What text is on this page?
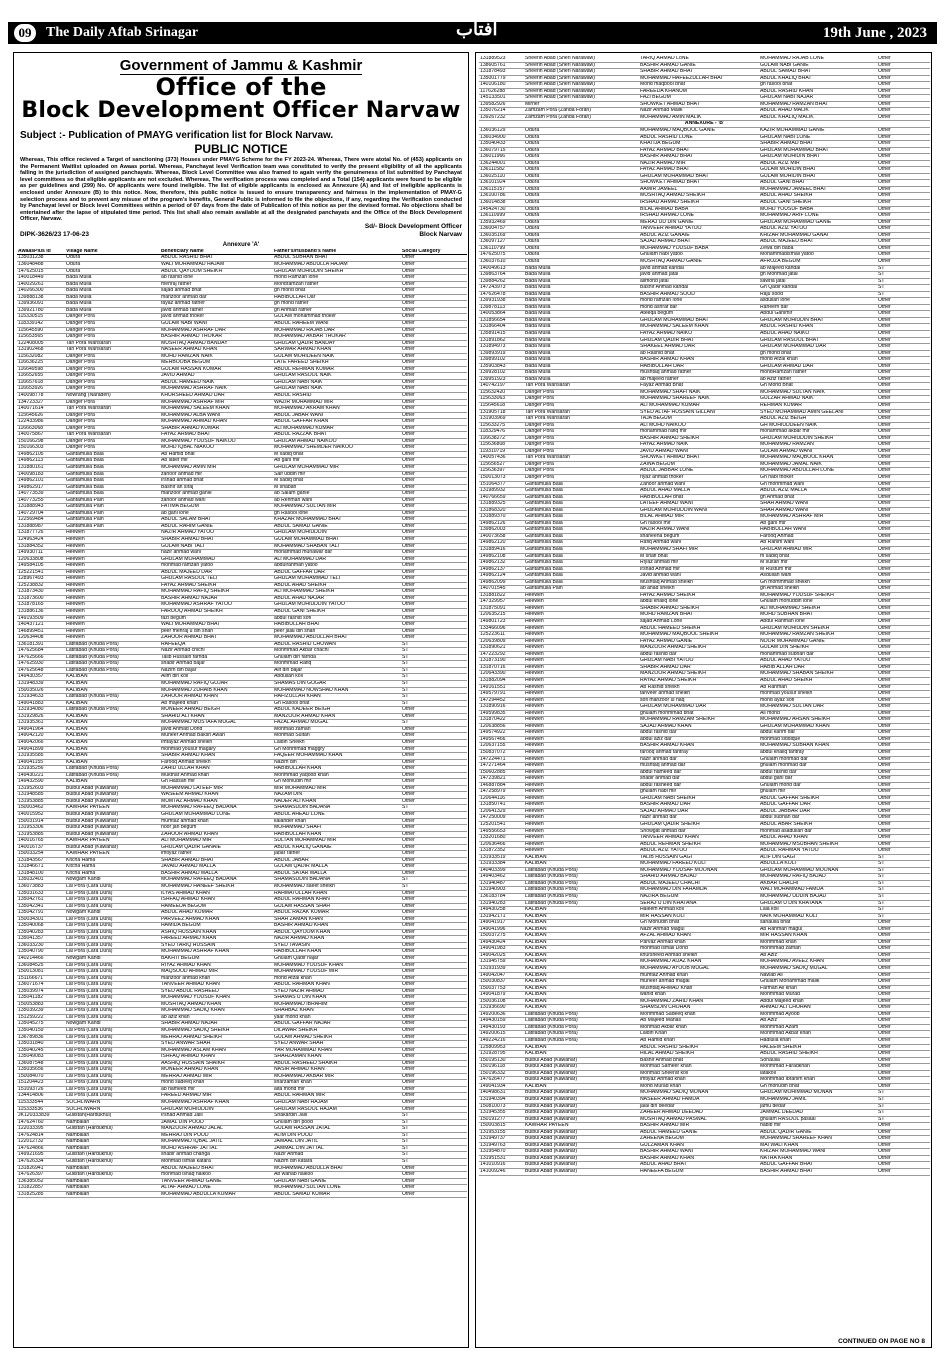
09	The Daily Aftab Srinagar	آفتاب	19th June , 2023
Government of Jammu & Kashmir
Office of the
Block Development Officer Narvaw
Subject :- Publication of PMAYG verification list for Block Narvaw.
PUBLIC NOTICE
Whereas, This office recieved a Target of sanctioning (373) Houses under PMAYG Scheme for the FY 2023-24. Whereas, There were atotal No. of (453) applicants on the Permanent Waitlist uploaded on Awaas portal. Whereas, Panchayat level Verification team was constituted to verify the present eligibility of all the applicants falling in the jurisdiction of assigned panchayats. Whereas, Block Level Committee was also framed to again verify the genuineness of list submitted by Panchayat level committees so that eligible applicants are not excluded. Whereas, The verification process was completed and a Total (154) applicants were found to be eligible as per guidelines and (299) No. Of applicants were found ineligible. The list of eligible applicants is enclosed as Annexure (A) and list of ineligible applicants is enclosed under Annexure (B) to this notice. Now, therefore, this public notice is issued to ensure transparency and fairness in the implementation of PMAY-G selection process and to prevent any misuse of the program's benefits, General Public is informed to file the objections, if any, regarding the Verification conducted by Panchayat level or Block level Committees within a period of 07 days from the date of Publication of this notice as per the devised format. No objections shall be entertained after the lapse of stipulated time period. This list shall also remain available at all the designated panchayats and the Office of the Block Development Officer, Narvaw.
Sd/- Block Development Officer
Block Narvaw
DIPK-3626/23 17-06-23
Annexure 'A'
AwaasPlus Id	Village Name	Beneficiary Name	Father's/Husband's Name	Social Category
135031238	Odura	ABDUL RASHID BHAT	ABDUL SUBHAN BHAT	Other
136048488	Odura	WALI MOHAMMAD HAJAM	MOHAMMAD ABDULLA HAJAM	Other
147625015	Odura	ABDUL QAYOOM SHEIKH	GHULAM MOHIUDIN SHEIKH	Other
140018449	Bada Mulla	ab rashid lone	mohd Ramzan lone	Other
140029261	Bada Mulla	mehraj rather	Mohdramzan rather	Other
140266300	Bada Mulla	sajad ahmad bhat	gh mohd bhat	Other
139888138	Bada Mulla	manzoor ahmad dar	HABIBULLAH Dar	Other
139936091	Bada Mulla	fayaz ahmad rather	gh mohd rather	Other
139921780	Bada Mulla	javid ahmad rather	gh Ahmad rather	Other
115330515	Danger Pora	javid ahmad thoker	GULAM mohammad thoker	Other
118339142	Danger Pora	GULAM NABI WANI	ABDUL RAHEEM WANI	Other
115645590	Danger Pora	MOHAMMAD ASHRAF DAR	MOHAMMAD RAJAB DAR	Other
115653565	Danger Pora	BASHIR AHMAD THOKAR	MOHAMMAD AKBAR THOKAR	Other
122408005	Tari Pora Wansaran	MUSHTAQ AHMAD BANDAY	GHULAM QADIR BANDAY	Other
131902468	Tari Pora Wansaran	NASEER AHMAD KHAN	SARWAR AHMAD KHAN	Other
115632082	Danger Pora	MOHD RAMZAN NAIK	GULAM MOHIDEEN NAIK	Other
116636225	Danger Pora	MEHBOOBA BEGUM	LATE FAREED SHEIKH	Other
116649598	Danger Pora	GULAM HASSAN KUMAR	ABDUL REHMAN KUMAR	Other
116652655	Danger Pora	JAVID AHMAD	GHULAM RASOOL NAIK	Other
116657618	Danger Pora	ABDUL HAMEED NAIK	GHULAM NABI NAIK	Other
116653926	Danger Pora	MOHAMMAD ASHRAF NAIK	GHULAM NABI NAIK	Other
140098778	Nowrang (Naradeh)	KHURSHEED AHMAD DAR	ABDUL RASHID	Other
134723327	Danger Pora	MOHAMMAD ASHRAF MIR	WAZIR MOHAMMAD MIR	Other
140071614	Tari Pora Wansaran	MOHAMMAD SALEEM KHAN	MOHAMMAD AKRAM KHAN	Other
115645626	Danger Pora	MOHAMMAD ALBA WANI	ABDUL JABAR WANI	Other
122433986	Danger Pora	MOHAMMAD AHMAD KHAN	ABDUL GAFFAR KHAN	Other
116663068	Danger Pora	SHABIR AHMAD KUMAR	ALI MOHAMMAD KUMAR	Other
140075867	Tari Pora Wansaran	FAYAZ AHMAD BHAT	ABDUL RAZZAK BHAT	Other
150166298	Danger Pora	MOHAMMAD YOUSUF NAIKOO	GHULAM AHMAD NAIKOO	Other
150166303	Danger Pora	MOHD IQBAL NIAKOO	MOHAMMAD SHEMDER NAIKOO	Other
149862105	Gantamulla Bala	Ab Hamid bhat	M sadiq bhat	Other
149862113	Gantamulla Bala	Ab latief mir	Ab gani mir	Other
131880161	Gantamulla Bala	MOHAMMAD AMIN MIR	GHULAM MOHAMMAD MIR	Other
140098183	Gantamulla Bala	zahoor ahmad mir	Saif uddin mir	Other
149862101	Gantamulla Bala	Irshad ahmad bhat	M sadiq bhat	Other
149862917	Gantamulla Bala	Bashir ah siraj	M shaban	Other
140773539	Gantamulla Bala	manzoor ahmad ganie	ab Salam ganie	Other
140773255	Gantamulla Pain	zahoor ahmad wani	ab Rehman wani	Other
131888943	Gantamulla Pain	FATIMA BEGUM	MOHAMMAD SULTAN MIR	Other
140729704	Gantamulla Pain	ab gani lone	gh Rasool lone	Other
122569484	Gantamulla Pain	ABDUL SALAM BHAT	KHAZAR MOHAMMAD BHAT	Other
131888987	Gantamulla Pain	ABDUL RAHIM GANIE	ABDUL SAMAD GANIE	Other
131877726	Heewen	NAZIR AHMAD YATOO	GHULAM MOHIUDDIN	Other
124963424	Heewen	SHABIR AHMAD BHAT	GULAM MOHAMMAD BHAT	Other
131884352	Heewen	GULAM NABI TALI	MOHAMMAD SHABAN TALI	Other
149930711	Heewen	nazir ahmad wani	mohammad munawar dar	Other
120633808	Heewen	GHULAM MOHAMMAD	ALI MOHAMMAD DAR	Other
149584105	Heewen	mohmad ramzan yatoo	abdulrahman yatoo	Other
125221541	Heewen	ABDUL MAJEED DAR	ABDUL GAFFAR DAR	Other
128967493	Heewen	GHULAM RASOOL TELI	GHULAM MOHAMMAD TELI	Other
125238832	Heewen	FAYAZ AHMAD SHEIKH	ABDUL AHAD SHEIKH	Other
131873430	Heewen	MOHAMMAD RAFIQ SHEIKH	ALI MOHAMMAD SHEIKH	Other
131873600	Heewen	BASHIR AHMAD NAJAR	ABDUL AHAD NAJAR	Other
131878165	Heewen	MOHAMMAD ASHRAF YATOO	GHULAM MOHIUDDIN YATOO	Other
131886136	Heewen	FAROOQ AHMAD SHEIKH	ABDUL GANI SHEIKH	Other
149193509	Heewen	fazl begum	abdul rashid sofi	Other
140437121	Heewen	WALI MOHAMMAD BHAT	HABIBULLAH BHAT	Other
146899451	Heewen	peer mehraj u din shah	peer jalal din shah	Other
120634408	Heewen	ZAHOOR AHMAD BHAT	MOHAMMAD ABDULLAH BHAT	Other
136181391	Latifabad (Khuda Pora)	RAFEEQA	ABDUL RASHID CHOWAN	ST
147625684	Latifabad (Khuda Pora)	Nazir Ahmad chichi	Mohmmad Akbar chachi	ST
147625666	Latifabad (Khuda Pora)	Talib Hussain farnda	Ghulam din farnda	ST
147625930	Latifabad (Khuda Pora)	shabir Ahmad bajar	Mohmmad Rafiq	ST
147625648	Latifabad (Khuda Pora)	Nazim din bajar	Alif din bajar	ST
149430357	KALIBAN	Alim din koli	Abdullah koli	ST
131948339	KALIBAN	MOHAMMAD RAFIQ GOJAR	SHAMAS DIN GOGAR	ST
150035026	KALIBAN	MOHAMMAD ZUHAIB KHAN	MOHAMMAD NOWSHAD KHAN	ST
131934633	Latifabad (Khuda Pora)	ZAHOOR AHMAD KHAN	HAFIZULLAH KHAN	ST
149041883	KALIBAN	Ab majeed khan	Gh Rasool bhat	ST
131934080	Latifabad (Khuda Pora)	MUNEER AHMAD BEIGH	ABDUL KADEER BEIGH	Other
131929826	KALIBAN	SHAHID ALI KHAN	MANZOOR AHMAD KHAN	Other
131935361	KALIBAN	MOHAMMAD MUSTAFA MUGAL	FAZAL AHMAD MUGAL	ST
149041964	KALIBAN	javid Ahmad Dond	Mohmad zaman	Other
149042120	KALIBAN	Muneer Ahmad Baksh Awan	Mohmad Sultan	Other
149042066	KALIBAN	Imtayaz Ahmad sheikh	Laldin Sheikh	Other
149041899	KALIBAN	mohmad yousuf magary	Gh Mohmmad maggry	Other
131935585	KALIBAN	SHABIR AHMAD KHAN	FAQEER MOHAMMAD KHAN	Other
149041155	KALIBAN	Farooq Ahmad sheikh	Nazim din	Other
131935256	Latifabad (Khuda Pora)	ZAHID ULLAH KHAN	HABIBULLAH KHAN	Other
149430221	Latifabad (Khuda Pora)	Mukthar Ahmad khan	Mohmmad yaqoob khan	Other
149432590	KALIBAN	Gh Hassan mir	Gh Mohiudin mir	Other
131952603	Bulbul Abad (Kawahar)	MOHAMMAD LATEEF MIR	MIR MOHAMMAD MIR	Other
131948585	Bulbul Abad (Kawahar)	WASEEM AHMAD KHAN	NAZAM DIN	Other
131953885	Bulbul Abad (Kawahar)	MUMTAZ AHMAD KHAN	NADER ALI KHAN	Other
150003462	KAWHAR PAYEEN	MOHAMMAD RAFEEQ BADANA	SHAMASUDIN BADANA	ST
140015952	Bulbul Abad (Kawahar)	GHULAM MOHAMMAD LONE	ABDUL AHEAD LONE	Other
150031914	Bulbul Abad (Kawahar)	mumtaz ahmad khan	kalander khan	Other
131953306	Bulbul Abad (Kawahar)	noor jan begum	MOHAMMAD SHAFI	Other
131953885	Bulbul Abad (Kawahar)	ZAHOOR AHMAD KHAN	HABIBULLAH KHAN	Other
140016765	KAWHAR PAYEEN	ALI MOHAMMAD MIR	SULTAN MOHAMMAD MIR	Other
140016737	Bulbul Abad (Kawahar)	GHULAM QADIR GANAIE	ABDUL KHALIQ GANAIE	Other
150033254	KAWHAR PAYEEN	imtiyaz rather	jabar rather	Other
131843567	Kitcha Hama	SHABIR AHMAD BHAT	ABDUL JABAR	Other
131846671	Kitcha Hama	JAVAID AHMAD MALLA	GULAM QADIR MALLA	Other
131848100	Kitcha Hama	BASHIR AHMAD MALLA	ABDUL SATAR MALLA	Other
135032401	Nowgam Kandi	MOHAMMAD RAFEEQ BADANA	SHAMASUDIN BADANA	ST
136073883	Lal Pora (Lara Dura)	MOHAMMAD HANEEF SHEIKH	MOHAMMAD saeef sheikh	ST
135031633	Lal Pora (Lara Dura)	ILYAS AHMAD KHAN	RAHMATULLAH KHAN	Other
135042761	Lal Pora (Lara Dura)	ISHFAQ AHMAD KHAN	ABDUL RAHMAN KHAN	Other
135042341	Lal Pora (Lara Dura)	HAMEEDA BEGUM	GULAM HASSAN SHAH	Other
135042791	Nowgam Kandi	ABDUL AHAD KUMAR	ABDUL RAZAK KUMAR	Other
150034301	Lal Pora (Lara Dura)	PARVEEZ AHMAD KHAN	SHAH ZAMAN KHAN	Other
135040068	Lal Pora (Lara Dura)	HAMIDA BEGUM	BASHIR AHMAD KHAN	Other
135040283	Lal Pora (Lara Dura)	ASHIQ HUSSAIN KHAN	ABDUL QAYOOM KHAN	Other
135041357	Lal Pora (Lara Dura)	FAREED AHMAD KHAN	NAZIR AHMAD KHAN	Other
136033230	Lal Pora (Lara Dura)	SYED TARIQ HUSSAIN	SYED TAVASIN	Other
135040790	Lal Pora (Lara Dura)	MOHAMMAD ASHRAF KHAN	HABIBULLAH KHAN	Other
140214466	Nowgam Kandi	BAKHTI BEGUM	Ghulam Qadir najar	Other
136084525	Lal Pora (Lara Dura)	RIYAZ AHMAD KHAN	MOHAMMAD YOUSUF KHAN	Other
150013081	Lal Pora (Lara Dura)	MAQSOOD AHMAD MIR	MOHAMMAD YOUSUF MIR	Other
151166671	Lal Pora (Lara Dura)	manzoor ahmad khan	mohd Afzal khan	Other
136071674	Lal Pora (Lara Dura)	TANVEER AHMAD KHAN	ABDUL RAHMAN KHAN	Other
135039974	Lal Pora (Lara Dura)	SYED ABDUL RASHEED	SYED NAZIR AHMAD	Other
135041182	Lal Pora (Lara Dura)	MOHAMMAD YOUSUF KHAN	SHAMAS U DIN KHAN	Other
150053883	Lal Pora (Lara Dura)	MUSHTAQ AHMAD KHAN	MOHAMMAD IBRAHIM	Other
135039239	Lal Pora (Lara Dura)	MOHAMMAD SADIQ KHAN	SHAHBAZ KHAN	Other
151259222	Lal Pora (Lara Dura)	ab aziz khan	yaar mohd khan	Other
135045275	Nowgam Kandi	SHABIR AHMAD NAJAR	ABDUL GAFFAR NAJAR	Other
135040159	Lal Pora (Lara Dura)	MOHAMMAD SADIQ SHEIKH	DILAWAR SHEIKH	Other
136789836	Lal Pora (Lara Dura)	MEHRAJ AHMAD SHEIKH	GULAM AHMAD SHEIKH	Other
135031840	Lal Pora (Lara Dura)	SYED ANWAR SHAH	SYED ANWAR SHAH	Other
135040245	Lal Pora (Lara Dura)	MOHAMMAD ASLAM KHAN	YAR MOHAMMAD KHAN	Other
135049083	Lal Pora (Lara Dura)	ISHFAQ AHMAD KHAN	SHAHZAMAN KHAN	Other
136087548	Lal Pora (Lara Dura)	AASHIQ HUSSAIN SHAIKH	ABDUL RASHEED SHAIKH	Other
135035656	Lal Pora (Lara Dura)	MUNEER AHMAD KHAN	NASIR AHMAD KHAN	Other
150084070	Lal Pora (Lara Dura)	MEHRAJ AHMAD MIR	MOHAMMAD AKBAR MIR	Other
151204423	Lal Pora (Lara Dura)	mohd sadeeq khan	sharzaman khan	Other
151093726	Lal Pora (Lara Dura)	ab hameed mir	alta mohd mir	Other
134414806	Lal Pora (Lara Dura)	FAREED AHMAD MIR	ABDUL RAHMAN MIR	Other
115333544	SOCHLIWARN	MOHAMMAD ASHRAF KHAN	GHULAM NABI HAJAM	Other
115333536	SOCHLIWARN	GHULAM MOHIUDDIN	GHULAM RASOOL HAJAM	Other
JK120333839	Gulistan(Hardukhul)	Irshad Ahmad Jalil	Shakardin Jalil	ST
147624760	Nambalan	JAMAL DIN POOD	Ghulam din pood	ST
122033395	Gulistan (Hardukhul)	MANZOOR AHMAD JALAL	GULAM HASSAN JATAL	ST
147624814	Nambalan	MEHRAJ DIN POOD	ALIM DIN POOD	ST
122012732	Nambalan	MOHAMMAD IQBAL JATIL	JAMAAL DIN JATIL	ST
147624866	Nambalan	MOHD ASHRAF JATTAL	JAMMAL DIN JATTAL	ST
149921695	Gulistan (Hardukhul)	shabir ahmad changa	Nazir Ahmad	ST
147626334	Gulistan (Hardukhul)	Mohmad ismail katara	Nazim din katara	ST
131826941	Nambalan	ABDUL MAJEED BHAT	MOHAMMAD ABDULLA BHAT	Other
147626397	Gulistan (Hardukhul)	mohmad ishaq naikoo	Ab wahab naikoo	Other
136385052	Nambalan	TANVEER AHMAD GANIE	GHULAM NABI GANIE	Other
131822857	Nambalan	ALTAF AHMAD LONE	MOHAMMAD SULTAN LONE	Other
131825285	Nambalan	MOHAMMAD ABDULLA KUMAR	ABDUL SAMAD KUMAR	Other
131889523	Sheerin Abad (Sheri Narawaw)	TARIQ AHMAD LoNE	MOHAMMAD RAJAB LONE	Other
138605761	Sheerin Abad (Sheri Narawaw)	BASHIR AHMAD GANIE	GULAM NABI GANIE	Other
131878493	Sheerin Abad (Sheri Narawaw)	SHABIR AHMAD BHAT	ABDUL SAMAD BHAT	Other
135001779	Sheerin Abad (Sheri Narawaw)	MOHAMMAD HAFEEZULLAH BHAT	ABDUL KHALIQ BHAT	Other
140106180	Sheerin Abad (Sheri Narawaw)	Mohd maqbool bhat	gh rasool bhat	Other
117626288	Sheerin Abad (Sheri Narawaw)	FAREEDA KHANUM	ABDUL RASHID KHAN	Other
145133501	Sheerin Abad (Sheri Narawaw)	FAZI BEGUM	GHULAM NABI NAJAR	Other
139582926	Mirher	SHOWKET AHMAD BHAT	MOHAMMAD RAMZAN BHAT	Other
135076214	Zamzam Pora (Zanda Foran)	Nazir Ahmad Malik	ABDUL AHAD MALIK	Other
139267232	Zamzam Pora (Zanda Foran)	MOHAMMAD AMIN MALIK	ABDUL KHALIQ MALIK	Other
ANNEXURE - 'B'				
136036129	Odura	MOHAMMAD MAQBOOL GANIE	KAZIR MOHAMMAD GANIE	Other
136034900	Odura	ABDUL RASHID LONE	GHULAM NABI LONE	Other
135040433	Odura	KHATIJA BEGUM	SHABIR AHMAD BHAT	Other
136079715	Odura	FAYAZ AHMAD BHAT	GHULAM MOHAMMAD BHAT	Other
136011966	Odura	BASHIR AHMAD BHAT	GHULAM MOHIDIN BHAT	Other
136244001	Odura	NAZIR AHMAD MIR	ABDUL AZIZ MIR	Other
136111582	Odura	FAYAZ AHMAD BHAT	GULAM MOHIDIN BHAT	Other
136025110	Odura	GHULAM MOHAMMAD BHAT	GULAM MOHIDIN BHAT	Other
136101924	Odura	SHOWKET AHMAD BHAT	ABDUL GANI BHAT	Other
136115157	Odura	AAMIR JAMEEL	MOHAMMAD JAMEEL BHAT	Other
136100786	Odura	MUSHTAQ AHMAD SHEIKH	ABDUL AHAD SHEIKH	Other
136014838	Odura	IRSHAD AHMAD SHEIKH	ABDUL GANI SHEIKH	Other
145424730	Odura	BILAL AHMAD BABA	MOHD YOUSUF BABA	Other
136110999	Odura	IRSHAD AHMAD LONE	MOHAMMAD ARIF LONE	Other
135932469	Odura	MERAJ UD DIN GANIE	GHULAM MOHAMMAD GANIE	Other
136004757	Odura	TANVEER AHMAD YATOO	ABDUL AZIZ YATOO	Other
136035169	Odura	ABDUL AZIZ GANAIE	KHIZAR MOHAMMAD GANAI	Other
136097127	Odura	SAJAD AHMAD BHAT	ABDUL MAJEED BHAT	Other
136110799	Odura	MOHAMMAD YOUSUF BABA	Zewa din baba	Other
147625075	Odura	Ghulam nabi yatoo	Mohammadismail yatoo	Other
136037610	Odura	MUSHTAQ AHMAD GANIE	AFROZA BEGUM	Other
140049613	Bada Mulla	javid ahmad kandal	ab Majeed kandal	ST
139863764	Bada Mulla	javid ahmad jatal	gh Mohmad jatal	ST
139884262	Bada Mulla	alimohd jatal	sawrla jatal	ST
147243973	Bada Mulla	Bashir Ahmad kandal	Gh Qadir kandal	ST
147626478	Bada Mulla	BASHIR AHMAD SOOD	Raju sood	ST
139931938	Bada Mulla	mohd ramzan lone	asdullah lone	Other
139878113	Bada Mulla	mohd ashraf dar	Raheem dar	Other
140053864	Bada Mulla	Ateeqa begum	Abdul Ganimir	Other
131856654	Bada Mulla	GHULAM MOHAMMAD BHAT	GHULAM MOHIUDIN BHAT	Other
131866404	Bada Mulla	MOHAMMAD SALEEM KHAN	ABDUL RASHID KHAN	Other
135891415	Bada Mulla	FAYAZ AHMAD NAIKO	ABDUL AHAD NAIKO	Other
131891862	Bada Mulla	GHULAM QADIR BHAT	GHULAM RASOOL BHAT	Other
131894973	Bada Mulla	SHAKEEL AHMAD DAR	GHULAM MOHAMMAD DAR	Other
139893919	Bada Mulla	ab Rashid bhat	gh mohd bhat	Other
139899102	Bada Mulla	BASHIR AHMAD KHAN	mohd Afzal khan	Other
135903843	Bada Mulla	HABIBULLAH DAR	GHULAM AHMAD DAR	Other
139928102	Bada Mulla	mushtaq ahmad rather	mohdRamzan rather	Other
139951923	Bada Mulla	ab majeed rather	ab Aziz rather	Other
140742197	Tari Pora Wansaran	Fayaz Ahmad Bhat	Gh Mohd Bhat	Other
115632420	Danger Pora	MOHAMMAD SHAFI NAIK	MOHAMMAD SULTAN NAIK	Other
115633063	Danger Pora	MOHAMMAD SHAREEF NAIK	GULZAR AHMAD NAIK	Other
115645618	Danger Pora	ALI MOHAMMAD KUMAR	REHMAN KUMAR	Other
131905718	Tari Pora Wansaran	SYED ALTAF HUSSAIN GILLANI	SYED MOHAMMAD AMIN GEELANI	Other
131903969	Tari Pora Wansaran	TAJA BEGUM	ABDUL AZIZ BEIGH	Other
115633275	Danger Pora	ALI MOHD NAIKOO	GH MOHIUDDEEN NAIK	Other
118329476	Danger Pora	mohammad rafiq mir	mohammad akbar mir	Other
116638272	Danger Pora	BASHIR AHMAD SHEIKH	GHULAM MOHIUDDIN SHEIKH	Other
115636808	Danger Pora	FAYAZ AHMAD NAIK	MOHAMMAD RAMZAN	Other
119310719	Danger Pora	JAVID AHMAD WANI	GULAM AHMAD WANI	Other
140057436	Tari Pora Wansaran	SHOWKET AHMAD BHAT	MOHAMMAD MAQBOOL KHAN	Other
115656527	Danger Pora	ZAINA BEGUM	MOHAMMAD JAMAL NAIK	Other
115636397	Danger Pora	ABDUL JABBAR LONE	MOHAMMAD ABDULLAH LONE	Other
150013073	Danger Pora	riyaz ahmad thoker	Gh nabi thoker	Other
151064377	Gantamulla Bala	Zahoor ahmad wani	Gh mohmmad wani	Other
131989932	Gantamulla Bala	ABDUL AHAD MALLA	ABDUL AZIZ MALLA	Other
140766659	Gantamulla Bala	HABIBULLAH bhat	gh Ahmad bhat	Other
131889325	Gantamulla Bala	LATEEF AHMAD WANI	SHAH AHMAD WANI	Other
131868320	Gantamulla Bala	GHULAM MOHIUDDIN WANI	SHAH AHMAD WANI	Other
131889370	Gantamulla Bala	BILAL AHMAD MIR	MOHAMMAD ASHRAF MIR	Other
149862126	Gantamulla Bala	Gh rasool mir	Ab gani mir	Other
139862003	Gantamulla Bala	NAZIR AHMAD WANI	HABIBULLAH WANI	Other
140073658	Gantamulla Bala	shaheena begum	Farooq Ahmad	Other
149862120	Gantamulla Bala	Rafiq Ahmad wani	Ab Rahim wani	Other
131889416	Gantamulla Bala	MOHAMMAD SHAFI MIR	GHULAM AHMAD MIR	Other
149862108	Gantamulla Bala	M shafi bhat	m sadiq bhat	Other
149862132	Gantamulla Bala	Riyaz ahmad mir	M sultan mir	Other
149862137	Gantamulla Bala	Irshad Ahmad mir	M Rustum mir	Other
149862124	Gantamulla Bala	Javid ahmad wani	Asdullah wani	Other
149862099	Gantamulla Bala	Mushtaq Ahmad sheikh	Gh mommmad sheikh	Other
140701545	Gantamulla Pain	ab ahad sheikh	gh Ahmad sheikh	Other
131881822	Heewen	FAYAZ AHMAD SHEIKH	MOHAMMAD YOUSUF SHEIKH	Other
147329957	Heewen	abdul khaliq lone	Ghulam mohuddin lone	Other
131875091	Heewen	SHABIR AHMAD SHEIKH	ALI MOHAMMAD SHEIKH	Other
120635215	Heewen	MOHD RAMZAN BHAT	MOHD SUBHAN BHAT	Other
149801723	Heewen	sajad Ahmad Lone	Abdul Rahman lone	Other
133466096	Heewen	ABDUL HAMEED SHEIKH	GHULAM MOHIUDIN SHEIKH	Other
125223611	Heewen	MOHAMMAD MAQBOOL SHEIKH	MOHAMMAD RAMZAN SHEIKH	Other
120639809	Heewen	FAYAZ AHMAD GANIE	NOOR MOHAMMAD GANIE	Other
131890621	Heewen	MANZOOR AHMAD SHEIKH	GULAM DIN SHEIKH	Other
147223292	Heewen	abdul rashid dar	mohammad subhan dar	Other
131873190	Heewen	GHULAM NABI YATOO	ABDUL AHAD YATOO	Other
131870716	Heewen	SHABIR AHMAD DAR	HABIB ALLAH DAR	Other
120643390	Heewen	MANZOOR AHMAD SHEIKH	MOHAMMAD SHABAN SHEIKH	Other
131882094	Heewen	RAYAZ AHMAD SHEIKH	ABDUL AHAD SHEIKH	Other
149161551	Heewen	Ab Rashid sheikh	Ab Rahman	Other
149579791	Heewen	tanveer ahmad sheikh	mohmad yousuf sheikh	Other
147294452	Heewen	sofi manzoor ul haq	mohd ayaz sofi	Other
131890916	Heewen	GHULAM MOHAMMAD DAR	MOHAMMAD SULTAN DAR	Other
149599835	Heewen	ghulam mohmmad bhat	Ali mohd	Other
131870422	Heewen	MOHAMMAD RAMZAM SHEIKH	MOHAMMAD AHSAN SHEIKH	Other
120638856	Heewen	SAJAD AHMAD KHAN	GHULAM MOHAMMAD KHAN	Other
149574922	Heewen	abdul rashid dar	abdul karim dar	Other
149567466	Heewen	abdul aziz dar	mohmad siddique	Other
120637155	Heewen	BASHIR AHMAD KHAN	MOHAMMAD SUBHAN KHAN	Other
150837072	Heewen	farooq ahmad tantray	abdul khaliq tantray	Other
147224471	Heewen	nazir ahmad dar	Ghulam mohmad dar	Other
147271464	Heewen	mushtaq ahmad dar	ghulam mohmad dar	Other
150602885	Heewen	abdul hameed dar	abdul rashid dar	Other
147239821	Heewen	shabir ahmad dar	abdul gani dar	Other
146887884	Heewen	abdul rasheed dar	Ghulam mohd dar	Other
147258979	Heewen	ghulam nabi mir	ghulam mir	Other
120644116	Heewen	GHULAM NABI SHEIKH	ABDUL GAFFAR SHEIKH	Other
131850741	Heewen	BASHIR AHMAD DAR	ABDUL GAFFAR DAR	Other
120641329	Heewen	SAJAD AHMAD DAR	ABDUL JABBAR DAR	Other
147250009	Heewen	nazir ahmad dar	abdul subhan dar	Other
125201541	Heewen	GHULAM QADIR SHEIKH	ABDUL ABAR SHEIKH	Other
149556653	Heewen	Showgat ahmad dar	mohmad asadullah dar	Other
133201680	Heewen	TANVEER AHMAD KHAN	ABDUL AHAD KHAN	Other
120636466	Heewen	ABDUL REHMAN SHEIKH	MOHAMMAD MSUBHAN SHEIKH	Other
131872352	Heewen	ABDUL AZIZ YATOO	ABDUL RAHMAN YATOO	Other
131933519	KALIBAN	TALIB HUSSAIN GAGI	ALIF DIN GAGI	ST
131933384	KALIBAN	MOHAMMAD FAREED KOLI	ABDULLA KOLI	ST
140403399	Latifabad (Khuda Pora)	MOHAMMAD YOUSAF MOONAN	GHULAM MOHAMMAD MOONAN	ST
149403462	Latifabad (Khuda Pora)	SHAHID AHMAD BAJAD	MOHAMMAD RAFIQ BAJAD	ST
131940487	Latifabad (Khuda Pora)	ABDUL MAJEED CHACHI	AKBAR CHACHI	ST
131940903	Latifabad (Khuda Pora)	MOHAMMAD DIN FAHAMDA	WALI MOHAMMAD FAMDA	ST
136183784	Latifabad (Khuda Pora)	NAZIRA BEGUM	MOHAMMAD UDDIN BAJAD	ST
131940283	Latifabad (Khuda Pora)	SERAJ U DIN KHATANA	GHULAM U DIN KHATANA	ST
149430258	KALIBAN	Haleem Ahmad koli	Lala koli	ST
131942171	KALIBAN	MIR HASSAN KOLI	NAIK MOHAMMAD KOLI	ST
149041917	KALIBAN	Gh Mohudin bhat	sanaulla bhat	Other
149041996	KALIBAN	Nazir Ahmad Magul	Ab Rahman magul	Other
150037275	KALIBAN	AFZAL AHMAD KHAN	MIR HASSAN KHAN	Other
149430424	KALIBAN	Parvaz Ahmad khan	Mohmmad khan	Other
149041983	KALIBAN	mohmad ismail Dond	mohmmad zaman	Other
149042025	KALIBAN	khursheed Ahmad sheikh	Ab Aziz	Other
131945759	KALIBAN	MOHAMMAD AIJAZ KHAN	MOHAMMAD AVEEZ KHAN	Other
131931939	KALIBAN	MOHAMMAD AYOOB MUGAL	MOHAMMAD SADIQ MUGAL	Other
149042047	KALIBAN	mumtaz Ahmad khan	Nawab Ali	Other
150030837	KALIBAN	muneer ahmad magal	Ghulam Mohammad malik	Other
150037753	KALIBAN	Mushtaq AHMAD Khan	Farman Ali khan	Other
149041879	KALIBAN	wahid khan	Mohmmad Murad	Other
150036108	KALIBAN	MOHAMMAD ZAHID KHAN	Abdul Majeed khan	Other
131936690	KALIBAN	SHAMSDIN CHOHAN	AHMAD ALI CHOHAN	Other
149200636	Latifabad (Khuda Pora)	Mohmmad Sadeeq khan	Mohmmad Ayoob	Other
149430159	Latifabad (Khuda Pora)	Ab Majeed Manas	Ab Aziz	Other
149430193	Latifabad (Khuda Pora)	Mohmad Akbar khan	Mohmmad Azam	Other
149200615	Latifabad (Khuda Pora)	Laldin Khan	Mohmmad Akbar khan	Other
149224216	Latifabad (Khuda Pora)	Ab Hamid khan	Hadiulla khan	Other
125809953	KALIBAN	ABDUL RASHID SHEIKH	HALEEM SHEIKH	Other
131928795	KALIBAN	HILAL AHMAD SHEIKH	ABDUL RASHID SHEIKH	Other
150195130	Bulbul Abad (Kawahar)	Bashir Ahmad bhat	Sonaulla	Other
150196118	Bulbul Abad (Kawahar)	Mohmad Sameer khan	Mohmmad Faradkhan	Other
150196332	Bulbul Abad (Kawahar)	Mohmad Sheeraf koli	latakoli	Other
147626477	Bulbul Abad (Kawahar)	imtiyaz Ahmad khan	Mohmmad Ibrahim khan	Other
149041934	KALIBAN	Mohd Murad khan	Gh mohudin bhat	Other
140498631	Bulbul Abad (Kawahar)	MOHAMMAD SADIQ MONAN	GHULAM MOHIMMAD MONAN	ST
131940394	Bulbul Abad (Kawahar)	NASEER AHMAD FAMDA	MOHAMMAD JAMIL	ST
150810073	Bulbul Abad (Kawahar)	jalal din deedar	jamu dedar	ST
131945355	Bulbul Abad (Kawahar)	ZAHEER AHMAD DEEDAD	JAMMAL DEEDAD	ST
150191277	Bulbul Abad (Kawahar)	MUSHTAQ AHMAD PASWAL	ghulam RASOOL pasaal	ST
150003815	KAWHAR PAYEEN	BASHIR AHMAD MIR	habib mir	Other
131953155	Bulbul Abad (Kawahar)	ABDUL HAMEED GANIE	ABDUL QADIR GANIE	Other
131949737	Bulbul Abad (Kawahar)	ZAHEENA BEGUM	MOHAMMAD SHAREEF KHAN	Other
131949763	Bulbul Abad (Kawahar)	GULZAMAN KHAN	MATWALI KHAN	Other
131954870	Bulbul Abad (Kawahar)	BASHIR AHMAD WANI	KHIZAR MOHAMMAD WANI	Other
131951531	Bulbul Abad (Kawahar)	BASHIR AHMAD KHAN	NATHA KHAN	Other
141010916	Bulbul Abad (Kawahar)	ABDUL AHAD BHAT	ABDUL GAFFAR BHAT	Other
141009246	Bulbul Abad (Kawahar)	HANEEFA BEGUM	BASHIR AHMAD BHAT	Other
CONTINUED ON PAGE NO 8
